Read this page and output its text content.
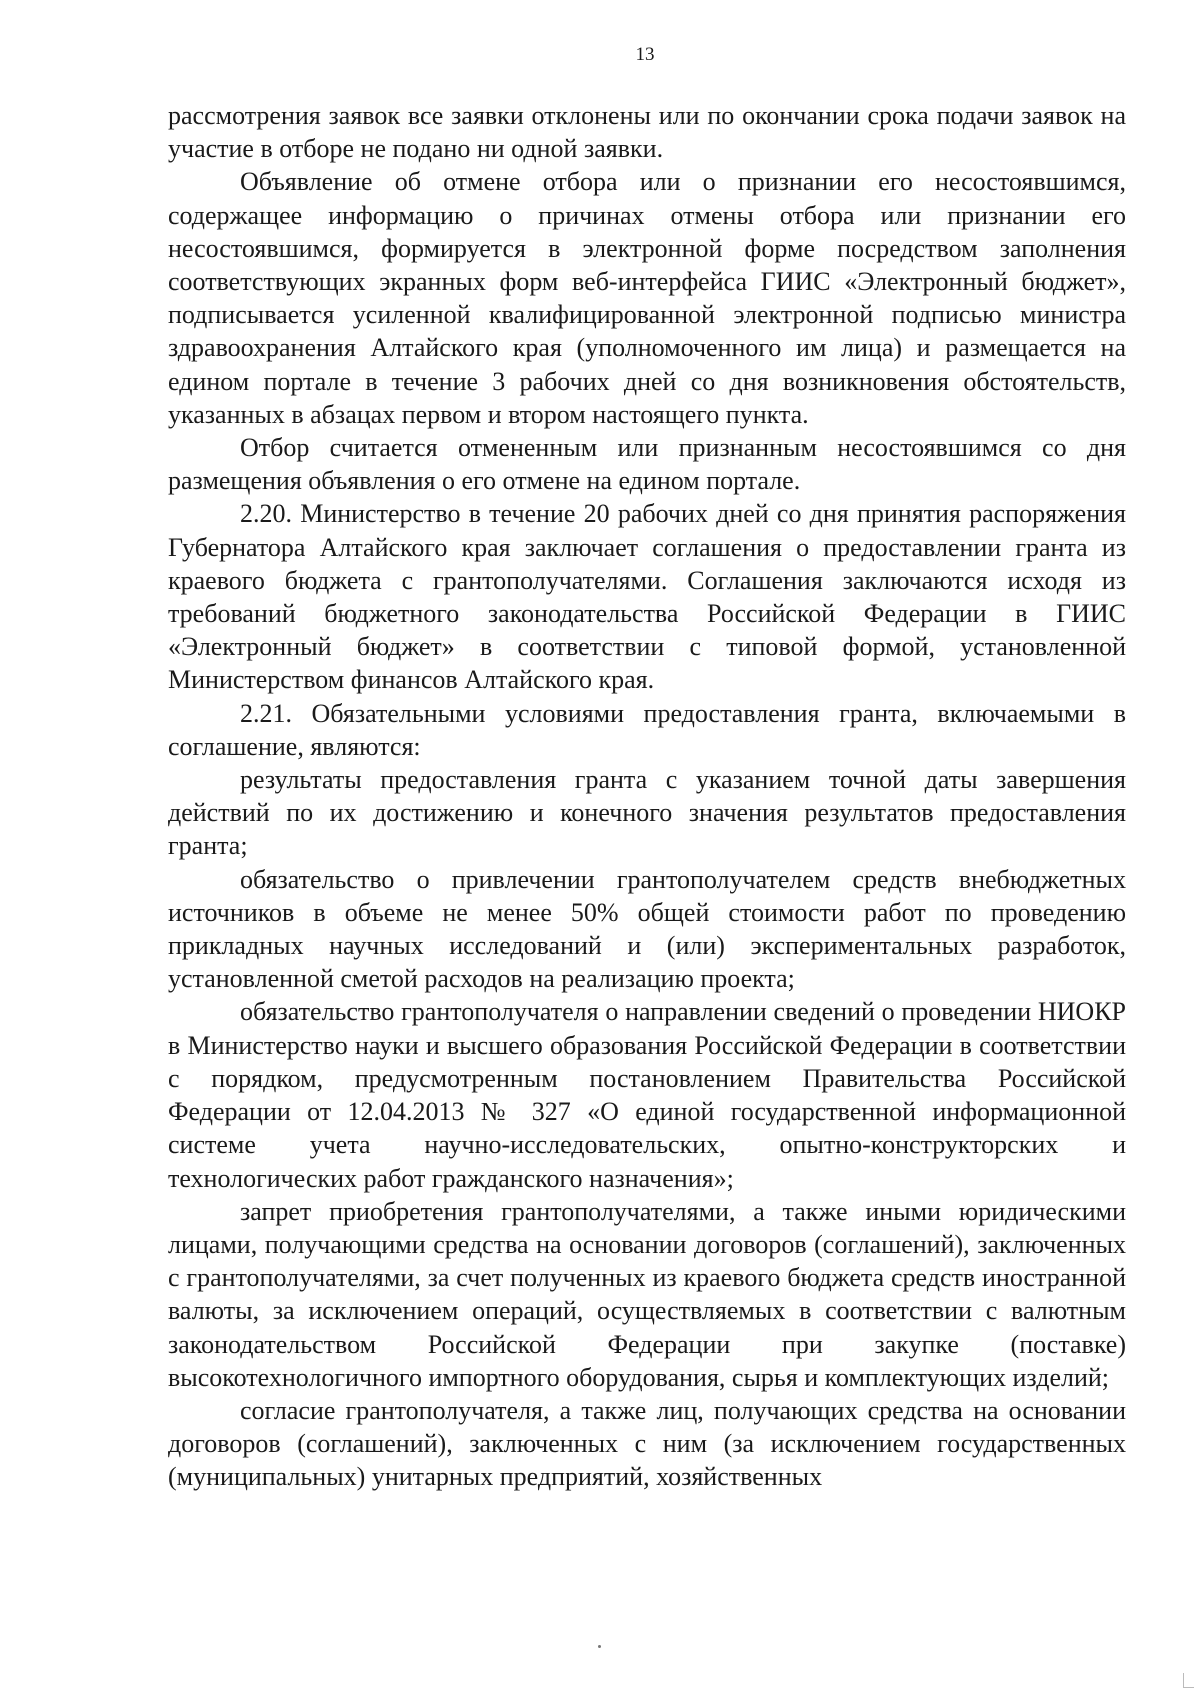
13

рассмотрения заявок все заявки отклонены или по окончании срока подачи заявок на участие в отборе не подано ни одной заявки.

Объявление об отмене отбора или о признании его несостоявшимся, содержащее информацию о причинах отмены отбора или признании его несостоявшимся, формируется в электронной форме посредством заполнения соответствующих экранных форм веб-интерфейса ГИИС «Электронный бюджет», подписывается усиленной квалифицированной электронной подписью министра здравоохранения Алтайского края (уполномоченного им лица) и размещается на едином портале в течение 3 рабочих дней со дня возникновения обстоятельств, указанных в абзацах первом и втором настоящего пункта.

Отбор считается отмененным или признанным несостоявшимся со дня размещения объявления о его отмене на едином портале.

2.20. Министерство в течение 20 рабочих дней со дня принятия распоряжения Губернатора Алтайского края заключает соглашения о предоставлении гранта из краевого бюджета с грантополучателями. Соглашения заключаются исходя из требований бюджетного законодательства Российской Федерации в ГИИС «Электронный бюджет» в соответствии с типовой формой, установленной Министерством финансов Алтайского края.

2.21. Обязательными условиями предоставления гранта, включаемыми в соглашение, являются:

результаты предоставления гранта с указанием точной даты завершения действий по их достижению и конечного значения результатов предоставления гранта;

обязательство о привлечении грантополучателем средств внебюджетных источников в объеме не менее 50% общей стоимости работ по проведению прикладных научных исследований и (или) экспериментальных разработок, установленной сметой расходов на реализацию проекта;

обязательство грантополучателя о направлении сведений о проведении НИОКР в Министерство науки и высшего образования Российской Федерации в соответствии с порядком, предусмотренным постановлением Правительства Российской Федерации от 12.04.2013 № 327 «О единой государственной информационной системе учета научно-исследовательских, опытно-конструкторских и технологических работ гражданского назначения»;

запрет приобретения грантополучателями, а также иными юридическими лицами, получающими средства на основании договоров (соглашений), заключенных с грантополучателями, за счет полученных из краевого бюджета средств иностранной валюты, за исключением операций, осуществляемых в соответствии с валютным законодательством Российской Федерации при закупке (поставке) высокотехнологичного импортного оборудования, сырья и комплектующих изделий;

согласие грантополучателя, а также лиц, получающих средства на основании договоров (соглашений), заключенных с ним (за исключением государственных (муниципальных) унитарных предприятий, хозяйственных
